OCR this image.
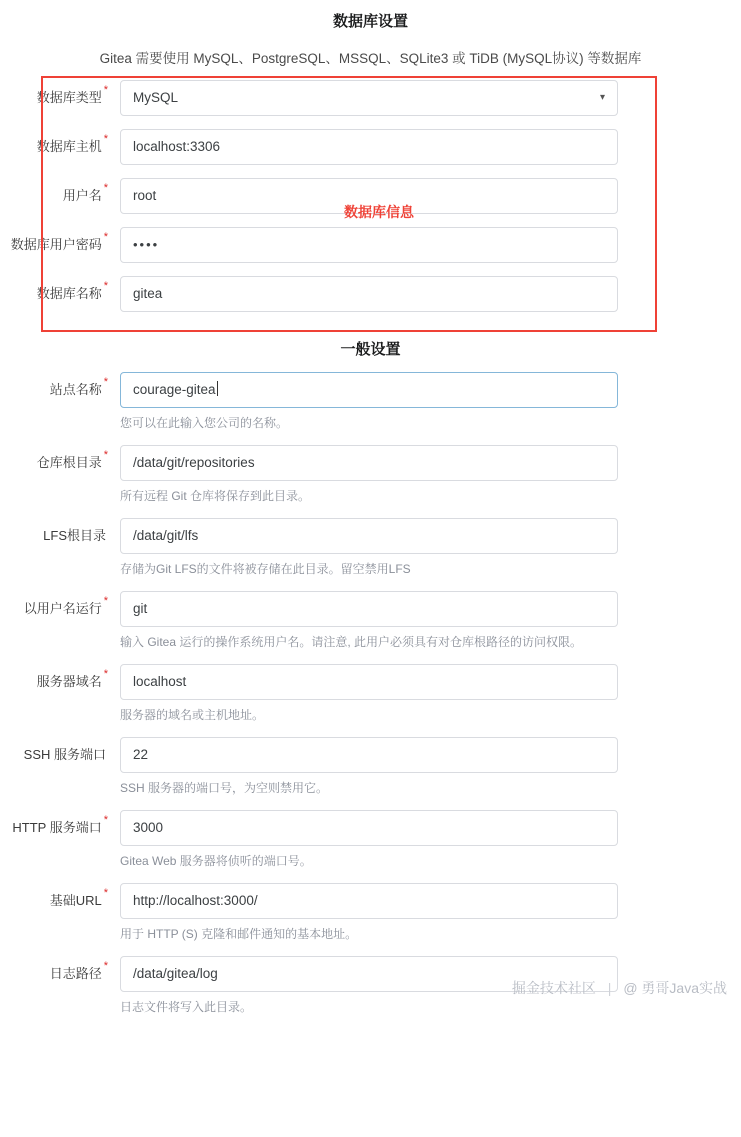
数据库设置
Gitea 需要使用 MySQL、PostgreSQL、MSSQL、SQLite3 或 TiDB (MySQL协议) 等数据库
数据库类型 *	MySQL	▾
数据库主机 *	localhost:3306
用户名 *	root
数据库用户密码 *	••••
数据库名称 *	gitea
数据库信息
一般设置
站点名称 *	courage-gitea
您可以在此输入您公司的名称。
仓库根目录 *	/data/git/repositories
所有远程 Git 仓库将保存到此目录。
LFS根目录	/data/git/lfs
存储为Git LFS的文件将被存储在此目录。留空禁用LFS
以用户名运行 *	git
输入 Gitea 运行的操作系统用户名。请注意, 此用户必须具有对仓库根路径的访问权限。
服务器域名 *	localhost
服务器的域名或主机地址。
SSH 服务端口	22
SSH 服务器的端口号，为空则禁用它。
HTTP 服务端口 *	3000
Gitea Web 服务器将侦听的端口号。
基础URL *	http://localhost:3000/
用于 HTTP (S) 克隆和邮件通知的基本地址。
日志路径 *	/data/gitea/log
日志文件将写入此目录。
掘金技术社区 | @ 勇哥Java实战
